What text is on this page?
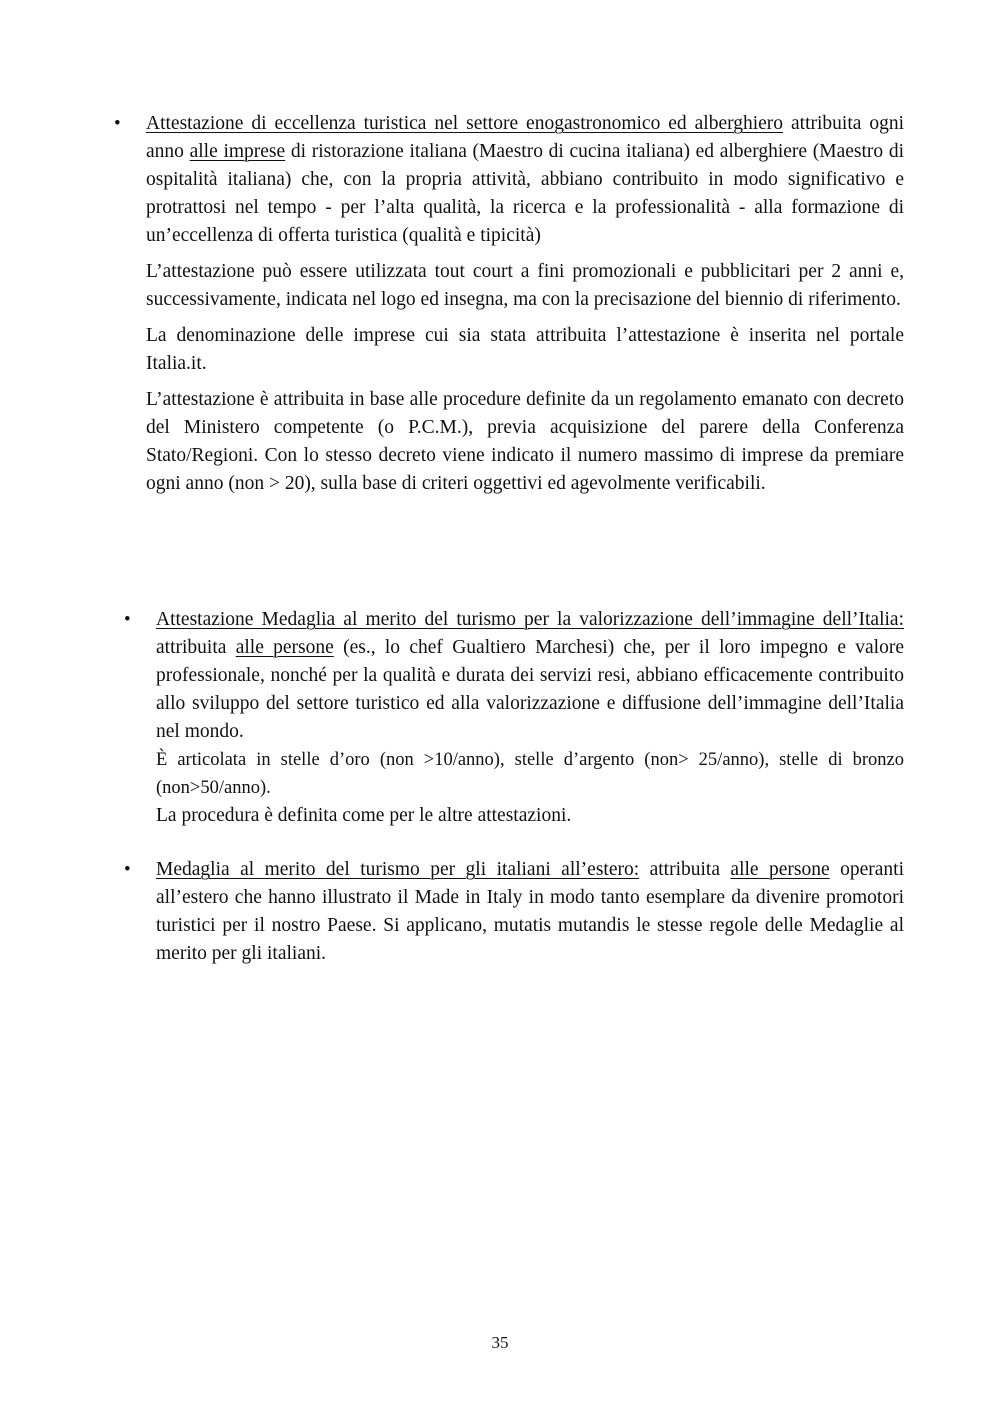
• Attestazione di eccellenza turistica nel settore enogastronomico ed alberghiero attribuita ogni anno alle imprese di ristorazione italiana (Maestro di cucina italiana) ed alberghiere (Maestro di ospitalità italiana) che, con la propria attività, abbiano contribuito in modo significativo e protrattosi nel tempo - per l’alta qualità, la ricerca e la professionalità - alla formazione di un’eccellenza di offerta turistica (qualità e tipicità)

L’attestazione può essere utilizzata tout court a fini promozionali e pubblicitari per 2 anni e, successivamente, indicata nel logo ed insegna, ma con la precisazione del biennio di riferimento.

La denominazione delle imprese cui sia stata attribuita l’attestazione è inserita nel portale Italia.it.

L’attestazione è attribuita in base alle procedure definite da un regolamento emanato con decreto del Ministero competente (o P.C.M.), previa acquisizione del parere della Conferenza Stato/Regioni. Con lo stesso decreto viene indicato il numero massimo di imprese da premiare ogni anno (non > 20), sulla base di criteri oggettivi ed agevolmente verificabili.

• Attestazione Medaglia al merito del turismo per la valorizzazione dell’immagine dell’Italia: attribuita alle persone (es., lo chef Gualtiero Marchesi) che, per il loro impegno e valore professionale, nonché per la qualità e durata dei servizi resi, abbiano efficacemente contribuito allo sviluppo del settore turistico ed alla valorizzazione e diffusione dell’immagine dell’Italia nel mondo.

È articolata in stelle d’oro (non >10/anno), stelle d’argento (non> 25/anno), stelle di bronzo (non>50/anno).

La procedura è definita come per le altre attestazioni.

• Medaglia al merito del turismo per gli italiani all’estero: attribuita alle persone operanti all’estero che hanno illustrato il Made in Italy in modo tanto esemplare da divenire promotori turistici per il nostro Paese. Si applicano, mutatis mutandis le stesse regole delle Medaglie al merito per gli italiani.

35
